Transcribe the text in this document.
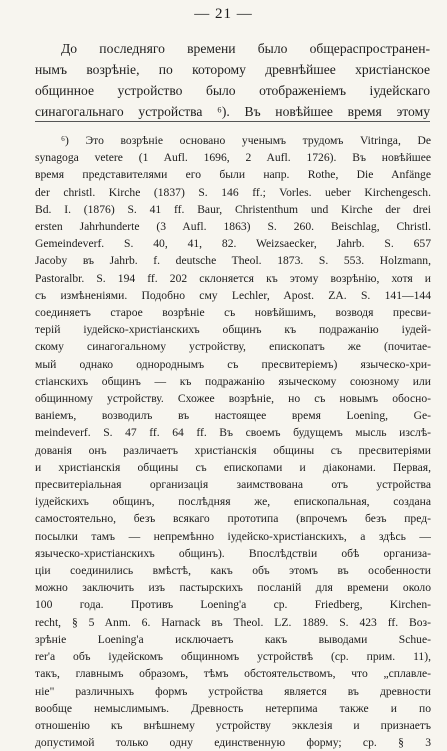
— 21 —
До последняго времени было общераспространен-
нымъ возрѣніе, по которому древнѣйшее христіанское
общинное устройство было отображеніемъ іудейскаго
синагогальнаго устройства ⁶). Въ новѣйшее время этому
⁶) Это возрѣніе основано ученымъ трудомъ Vitringa, De
synagoga vetere (1 Aufl. 1696, 2 Aufl. 1726). Въ новѣйшее
время представителями его были напр. Rothe, Die Anfänge
der christl. Kirche (1837) S. 146 ff.; Vorles. ueber Kirchengesch.
Bd. I. (1876) S. 41 ff. Baur, Christenthum und Kirche der drei
ersten Jahrhunderte (3 Aufl. 1863) S. 260. Beischlag, Christl.
Gemeindeverf. S. 40, 41, 82. Weizsaecker, Jahrb. S. 657
Jacoby въ Jahrb. f. deutsche Theol. 1873. S. 553. Holzmann,
Pastoralbr. S. 194 ff. 202 склоняется къ этому возрѣнію, хотя и
съ измѣненіями. Подобно сму Lechler, Apost. ZA. S. 141—144
соединяетъ старое возрѣніе съ новѣйшимъ, возводя пресви-
терій іудейско-христіанскихъ общинъ къ подражанію іудей-
скому синагогальному устройству, епископатъ же (почитае-
мый однако однороднымъ съ пресвитеріемъ) языческо-хри-
стіанскихъ общинъ — къ подражанію языческому союзному или
общинному устройству. Схожее возрѣніе, но съ новымъ обосно-
ваніемъ, возводилъ въ настоящее время Loening, Ge-
meindeverf. S. 47 ff. 64 ff. Въ своемъ будущемъ мысль изслѣ-
дованія онъ различаетъ христіанскія общины съ пресвитеріями
и христіанскія общины съ епископами и діаконами. Первая,
пресвитеріальная организація заимствована отъ устройства
іудейскихъ общинъ, послѣдняя же, епископальная, создана
самостоятельно, безъ всякаго прототипа (впрочемъ безъ пред-
посылки тамъ — непремѣнно іудейско-христіанскихъ, а здѣсь —
языческо-христіанскихъ общинъ). Впослѣдствіи обѣ организа-
ціи соединились вмѣстѣ, какъ объ этомъ въ особенности
можно заключить изъ пастырскихъ посланій для времени около
100 года. Противъ Loening'а ср. Friedberg, Kirchen-
recht, § 5 Anm. 6. Harnack въ Theol. LZ. 1889. S. 423 ff. Воз-
зрѣніе Loening'а исключаетъ какъ выводами Schue-
rer'a объ іудейскомъ общинномъ устройствѣ (ср. прим. 11),
такъ, главнымъ образомъ, тѣмъ обстоятельствомъ, что „сплавле-
ніе" различныхъ формъ устройства является въ древности
вообще немыслимымъ. Древность нетерпима также и по
отношенію къ внѣшнему устройству экклезія и признаетъ
допустимой только одну единственную форму; ср. § 3
